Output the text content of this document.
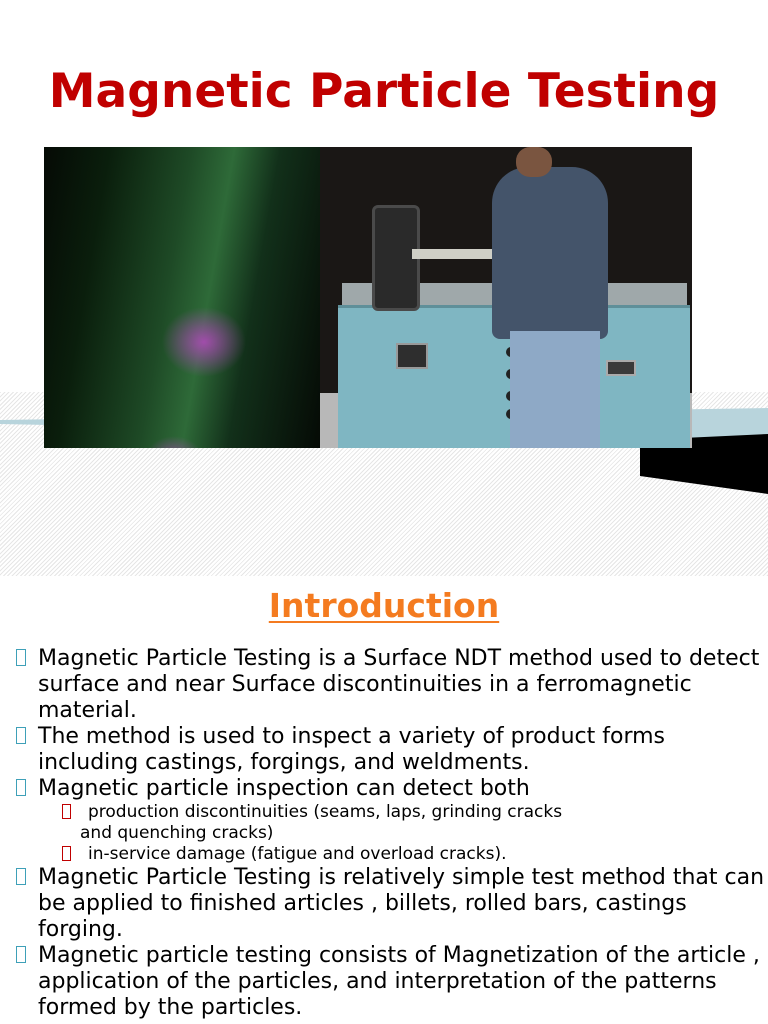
Magnetic Particle Testing
Introduction
Magnetic Particle Testing is a Surface NDT method used to detect surface and near Surface discontinuities in a ferromagnetic material.
The method is used to inspect a variety of product forms including castings, forgings, and weldments.
Magnetic particle inspection can detect both
production discontinuities (seams, laps, grinding cracks
and quenching cracks)
in-service damage (fatigue and overload cracks).
Magnetic Particle Testing is relatively simple test method that can be applied to finished articles , billets, rolled bars, castings forging.
Magnetic particle testing consists of Magnetization of the article , application of the particles, and interpretation of the patterns formed by the particles.
